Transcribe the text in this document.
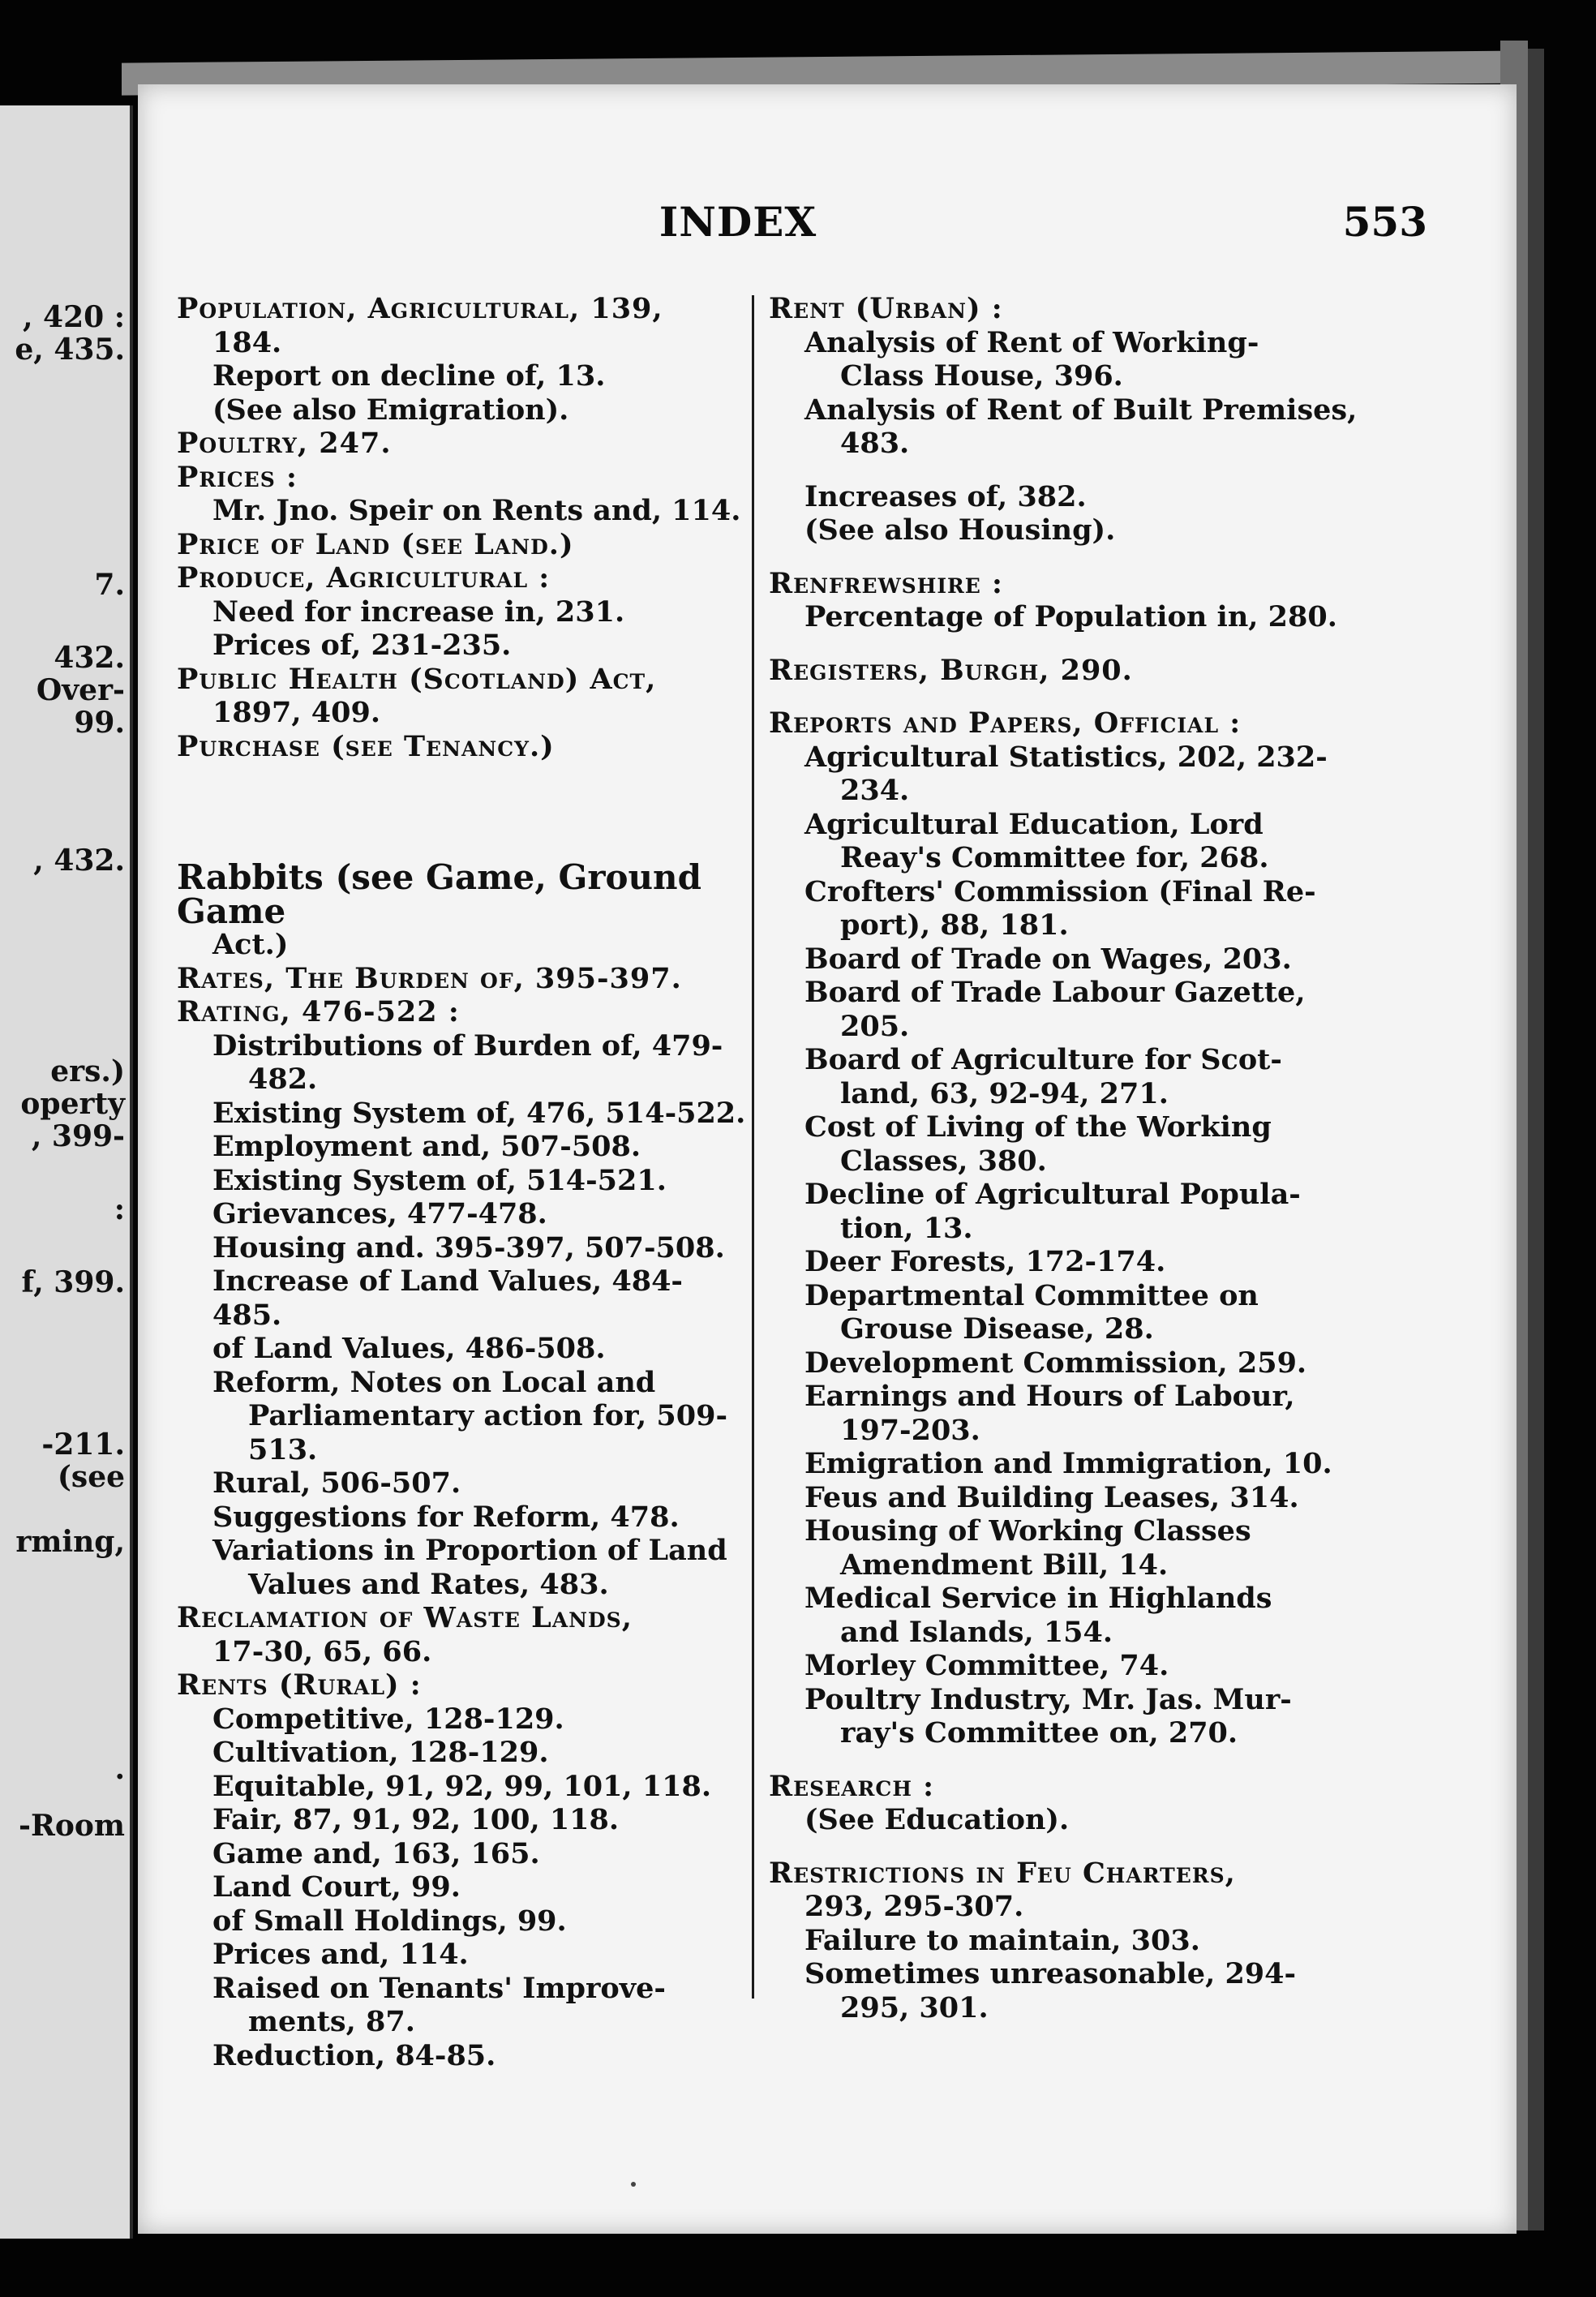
, 420 :
e, 435.
7.
432.
Over-
99.
, 432.
ers.)
operty
, 399-
:
f, 399.
-211.
(see
rming,
.
-Room
INDEX	553
Population, Agricultural, 139,
184.
Report on decline of, 13.
(See also Emigration).
Poultry, 247.
Prices :
Mr. Jno. Speir on Rents and, 114.
Price of Land (see Land.)
Produce, Agricultural :
Need for increase in, 231.
Prices of, 231-235.
Public Health (Scotland) Act,
1897, 409.
Purchase (see Tenancy.)
Rabbits (see Game, Ground Game
Act.)
Rates, The Burden of, 395-397.
Rating, 476-522 :
Distributions of Burden of, 479-
482.
Existing System of, 476, 514-522.
Employment and, 507-508.
Existing System of, 514-521.
Grievances, 477-478.
Housing and. 395-397, 507-508.
Increase of Land Values, 484-485.
of Land Values, 486-508.
Reform, Notes on Local and
Parliamentary action for, 509-
513.
Rural, 506-507.
Suggestions for Reform, 478.
Variations in Proportion of Land
Values and Rates, 483.
Reclamation of Waste Lands,
17-30, 65, 66.
Rents (Rural) :
Competitive, 128-129.
Cultivation, 128-129.
Equitable, 91, 92, 99, 101, 118.
Fair, 87, 91, 92, 100, 118.
Game and, 163, 165.
Land Court, 99.
of Small Holdings, 99.
Prices and, 114.
Raised on Tenants' Improve-
ments, 87.
Reduction, 84-85.
Rent (Urban) :
Analysis of Rent of Working-
Class House, 396.
Analysis of Rent of Built Premises,
483.
Increases of, 382.
(See also Housing).
Renfrewshire :
Percentage of Population in, 280.
Registers, Burgh, 290.
Reports and Papers, Official :
Agricultural Statistics, 202, 232-
234.
Agricultural Education, Lord
Reay's Committee for, 268.
Crofters' Commission (Final Re-
port), 88, 181.
Board of Trade on Wages, 203.
Board of Trade Labour Gazette,
205.
Board of Agriculture for Scot-
land, 63, 92-94, 271.
Cost of Living of the Working
Classes, 380.
Decline of Agricultural Popula-
tion, 13.
Deer Forests, 172-174.
Departmental Committee on
Grouse Disease, 28.
Development Commission, 259.
Earnings and Hours of Labour,
197-203.
Emigration and Immigration, 10.
Feus and Building Leases, 314.
Housing of Working Classes
Amendment Bill, 14.
Medical Service in Highlands
and Islands, 154.
Morley Committee, 74.
Poultry Industry, Mr. Jas. Mur-
ray's Committee on, 270.
Research :
(See Education).
Restrictions in Feu Charters,
293, 295-307.
Failure to maintain, 303.
Sometimes unreasonable, 294-
295, 301.
